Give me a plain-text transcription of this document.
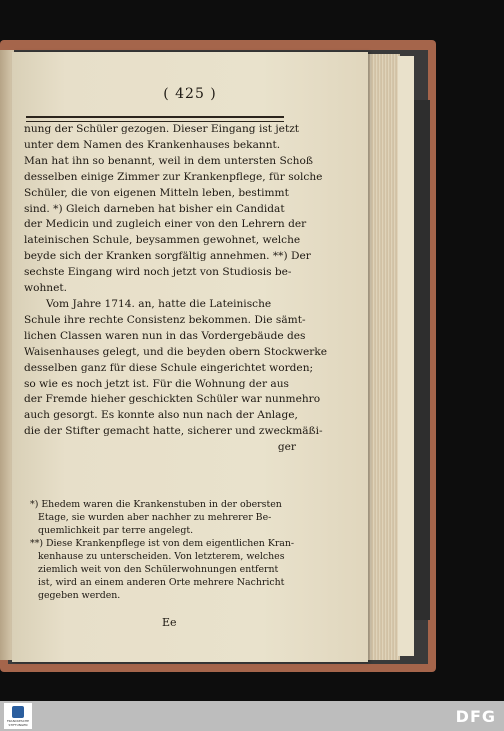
( 425 )
nung der Schüler gezogen. Dieser Eingang ist jetzt
unter dem Namen des Krankenhauses bekannt.
Man hat ihn so benannt, weil in dem untersten Schoß
desselben einige Zimmer zur Krankenpflege, für solche
Schüler, die von eigenen Mitteln leben, bestimmt
sind. *) Gleich darneben hat bisher ein Candidat
der Medicin und zugleich einer von den Lehrern der
lateinischen Schule, beysammen gewohnet, welche
beyde sich der Kranken sorgfältig annehmen. **) Der
sechste Eingang wird noch jetzt von Studiosis be-
wohnet.
Vom Jahre 1714. an, hatte die Lateinische
Schule ihre rechte Consistenz bekommen. Die sämt-
lichen Classen waren nun in das Vordergebäude des
Waisenhauses gelegt, und die beyden obern Stockwerke
desselben ganz für diese Schule eingerichtet worden;
so wie es noch jetzt ist. Für die Wohnung der aus
der Fremde hieher geschickten Schüler war nunmehro
auch gesorgt. Es konnte also nun nach der Anlage,
die der Stifter gemacht hatte, sicherer und zweckmäßi-
ger
*) Ehedem waren die Krankenstuben in der obersten
Etage, sie wurden aber nachher zu mehrerer Be-
quemlichkeit par terre angelegt.
**) Diese Krankenpflege ist von dem eigentlichen Kran-
kenhause zu unterscheiden. Von letzterem, welches
ziemlich weit von den Schülerwohnungen entfernt
ist, wird an einem anderen Orte mehrere Nachricht
gegeben werden.
Ee
FRANCKESCHE STIFTUNGEN	DFG
